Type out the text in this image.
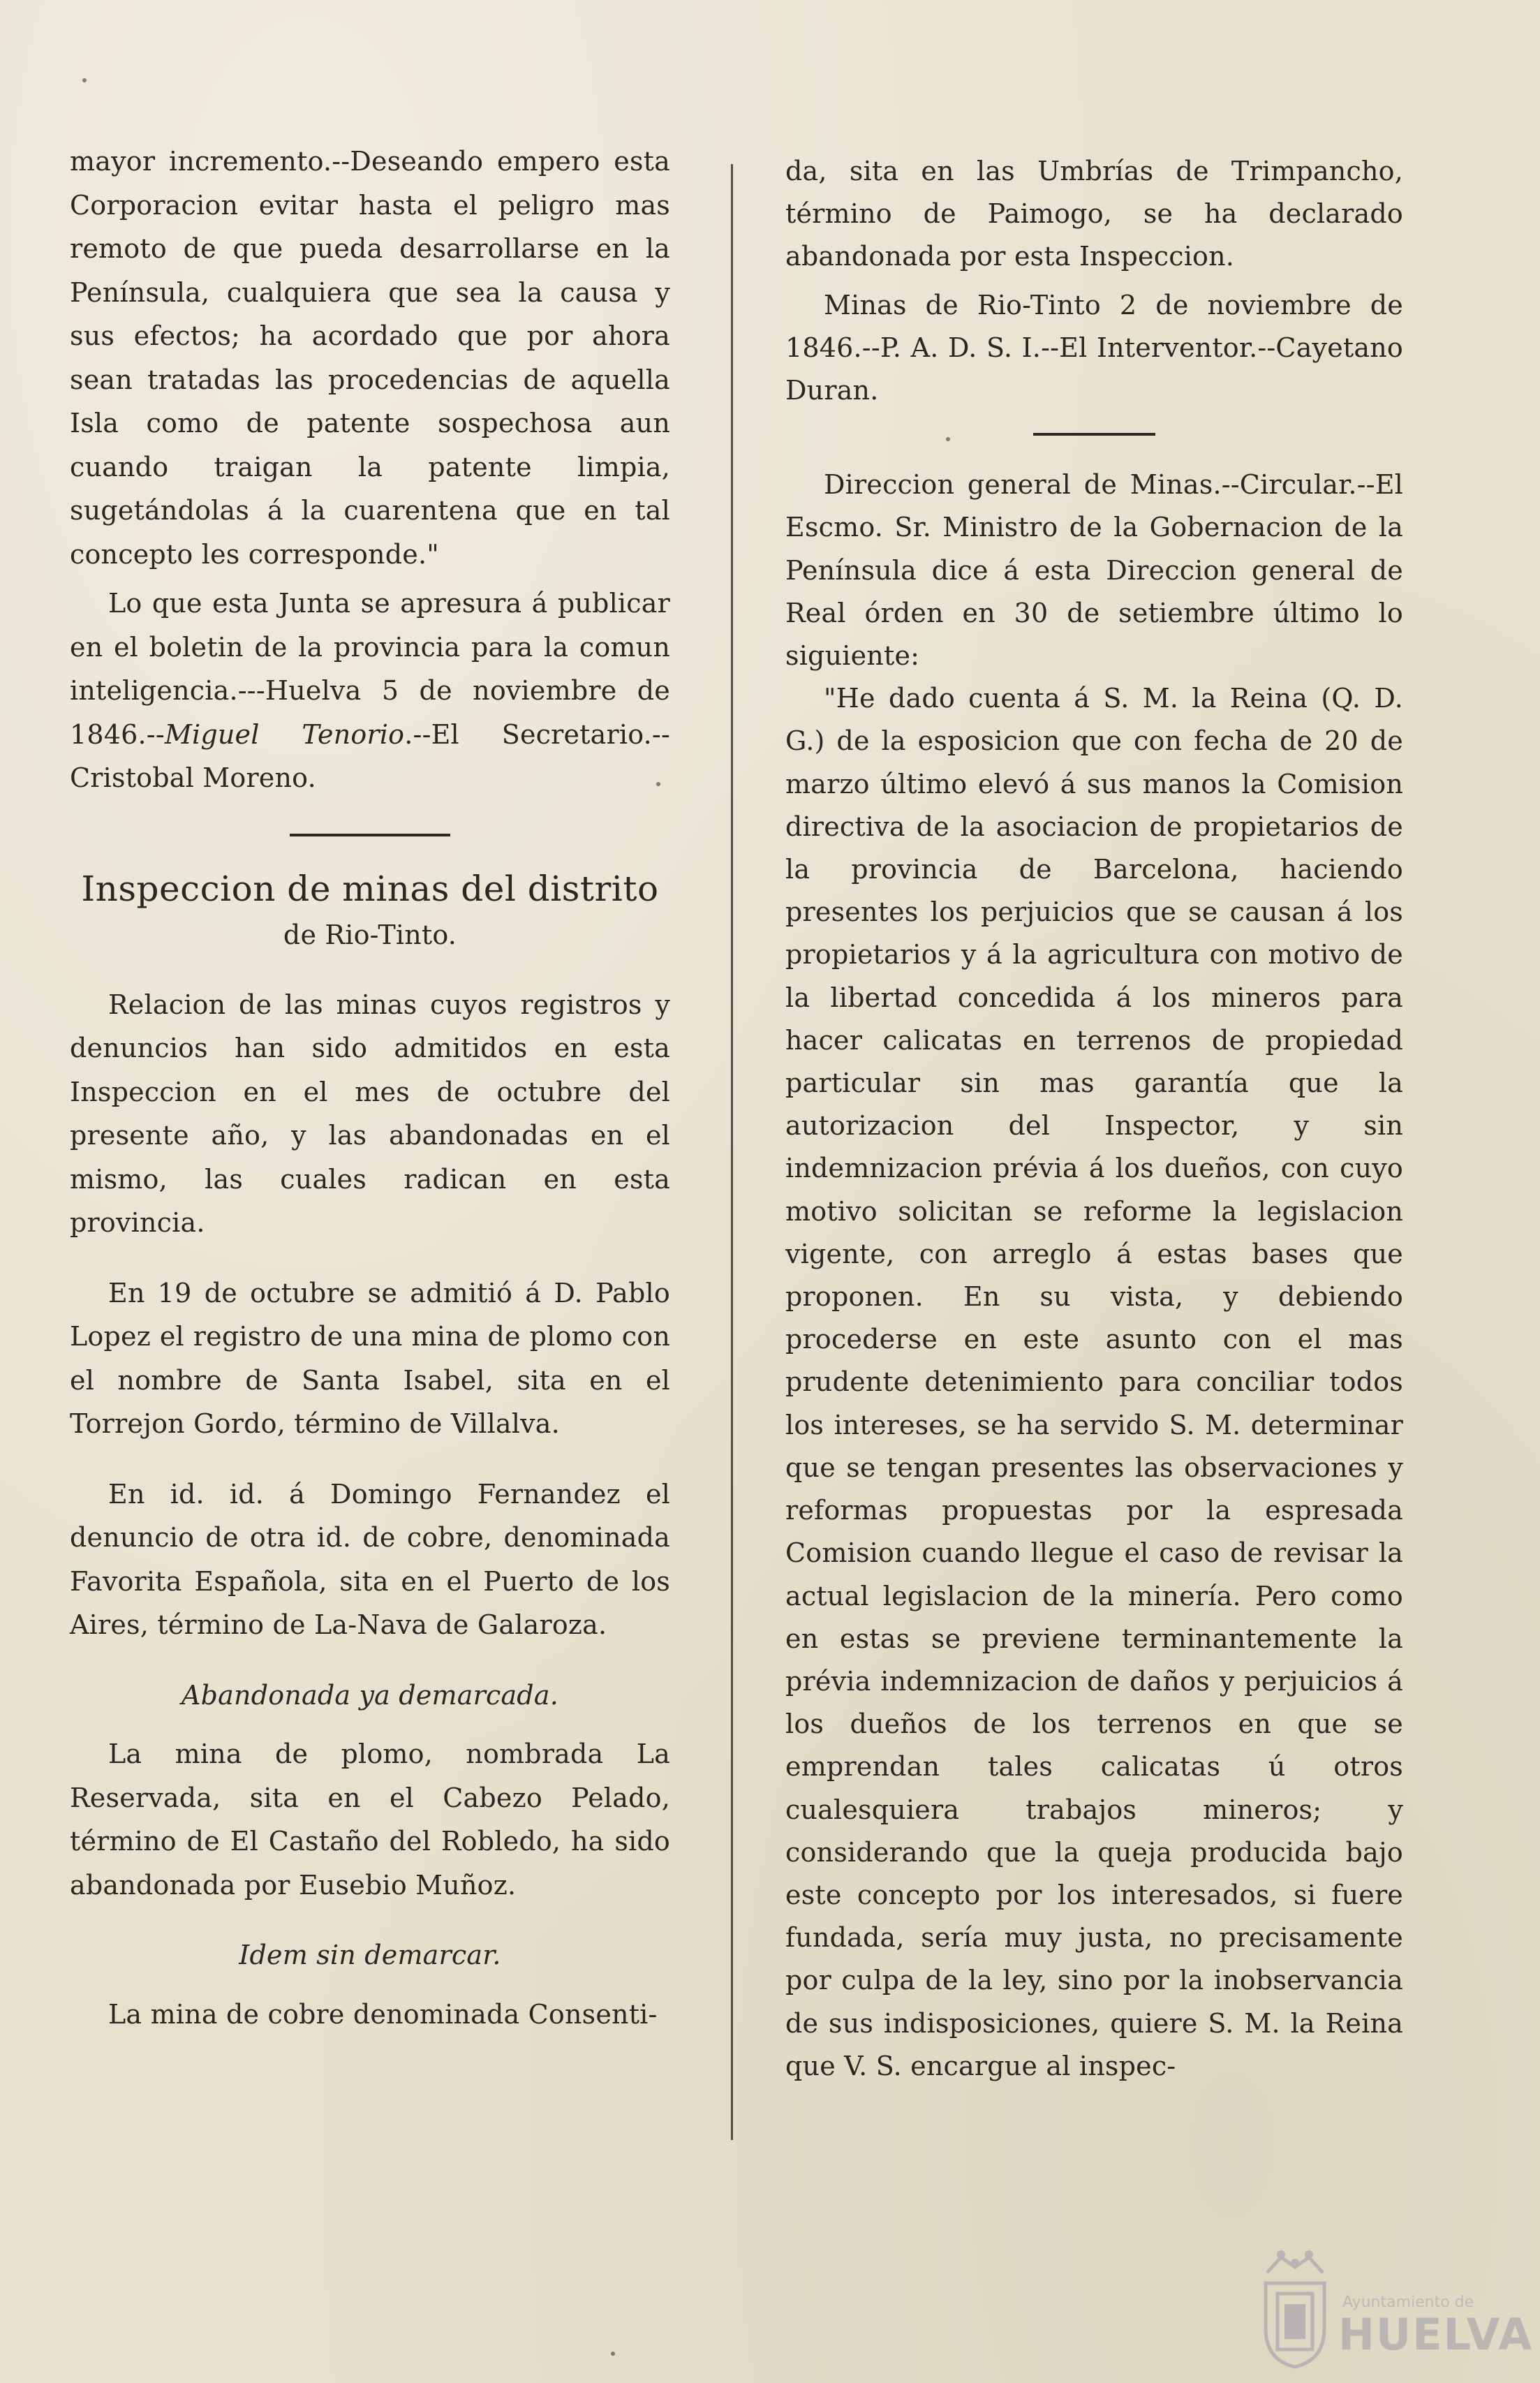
mayor incremento.--Deseando empero esta Corporacion evitar hasta el peligro mas remoto de que pueda desarrollarse en la Península, cualquiera que sea la causa y sus efectos; ha acordado que por ahora sean tratadas las procedencias de aquella Isla como de patente sospechosa aun cuando traigan la patente limpia, sugetándolas á la cuarentena que en tal concepto les corresponde."

Lo que esta Junta se apresura á publicar en el boletin de la provincia para la comun inteligencia.---Huelva 5 de noviembre de 1846.--Miguel Tenorio.--El Secretario.--Cristobal Moreno.

Inspeccion de minas del distrito
de Rio-Tinto.

Relacion de las minas cuyos registros y denuncios han sido admitidos en esta Inspeccion en el mes de octubre del presente año, y las abandonadas en el mismo, las cuales radican en esta provincia.

En 19 de octubre se admitió á D. Pablo Lopez el registro de una mina de plomo con el nombre de Santa Isabel, sita en el Torrejon Gordo, término de Villalva.

En id. id. á Domingo Fernandez el denuncio de otra id. de cobre, denominada Favorita Española, sita en el Puerto de los Aires, término de La-Nava de Galaroza.

Abandonada ya demarcada.

La mina de plomo, nombrada La Reservada, sita en el Cabezo Pelado, término de El Castaño del Robledo, ha sido abandonada por Eusebio Muñoz.

Idem sin demarcar.

La mina de cobre denominada Consenti-

da, sita en las Umbrías de Trimpancho, término de Paimogo, se ha declarado abandonada por esta Inspeccion.

Minas de Rio-Tinto 2 de noviembre de 1846.--P. A. D. S. I.--El Interventor.--Cayetano Duran.

Direccion general de Minas.--Circular.--El Escmo. Sr. Ministro de la Gobernacion de la Península dice á esta Direccion general de Real órden en 30 de setiembre último lo siguiente:

"He dado cuenta á S. M. la Reina (Q. D. G.) de la esposicion que con fecha de 20 de marzo último elevó á sus manos la Comision directiva de la asociacion de propietarios de la provincia de Barcelona, haciendo presentes los perjuicios que se causan á los propietarios y á la agricultura con motivo de la libertad concedida á los mineros para hacer calicatas en terrenos de propiedad particular sin mas garantía que la autorizacion del Inspector, y sin indemnizacion prévia á los dueños, con cuyo motivo solicitan se reforme la legislacion vigente, con arreglo á estas bases que proponen. En su vista, y debiendo procederse en este asunto con el mas prudente detenimiento para conciliar todos los intereses, se ha servido S. M. determinar que se tengan presentes las observaciones y reformas propuestas por la espresada Comision cuando llegue el caso de revisar la actual legislacion de la minería. Pero como en estas se previene terminantemente la prévia indemnizacion de daños y perjuicios á los dueños de los terrenos en que se emprendan tales calicatas ú otros cualesquiera trabajos mineros; y considerando que la queja producida bajo este concepto por los interesados, si fuere fundada, sería muy justa, no precisamente por culpa de la ley, sino por la inobservancia de sus indisposiciones, quiere S. M. la Reina que V. S. encargue al inspec-

Ayuntamiento de
HUELVA
